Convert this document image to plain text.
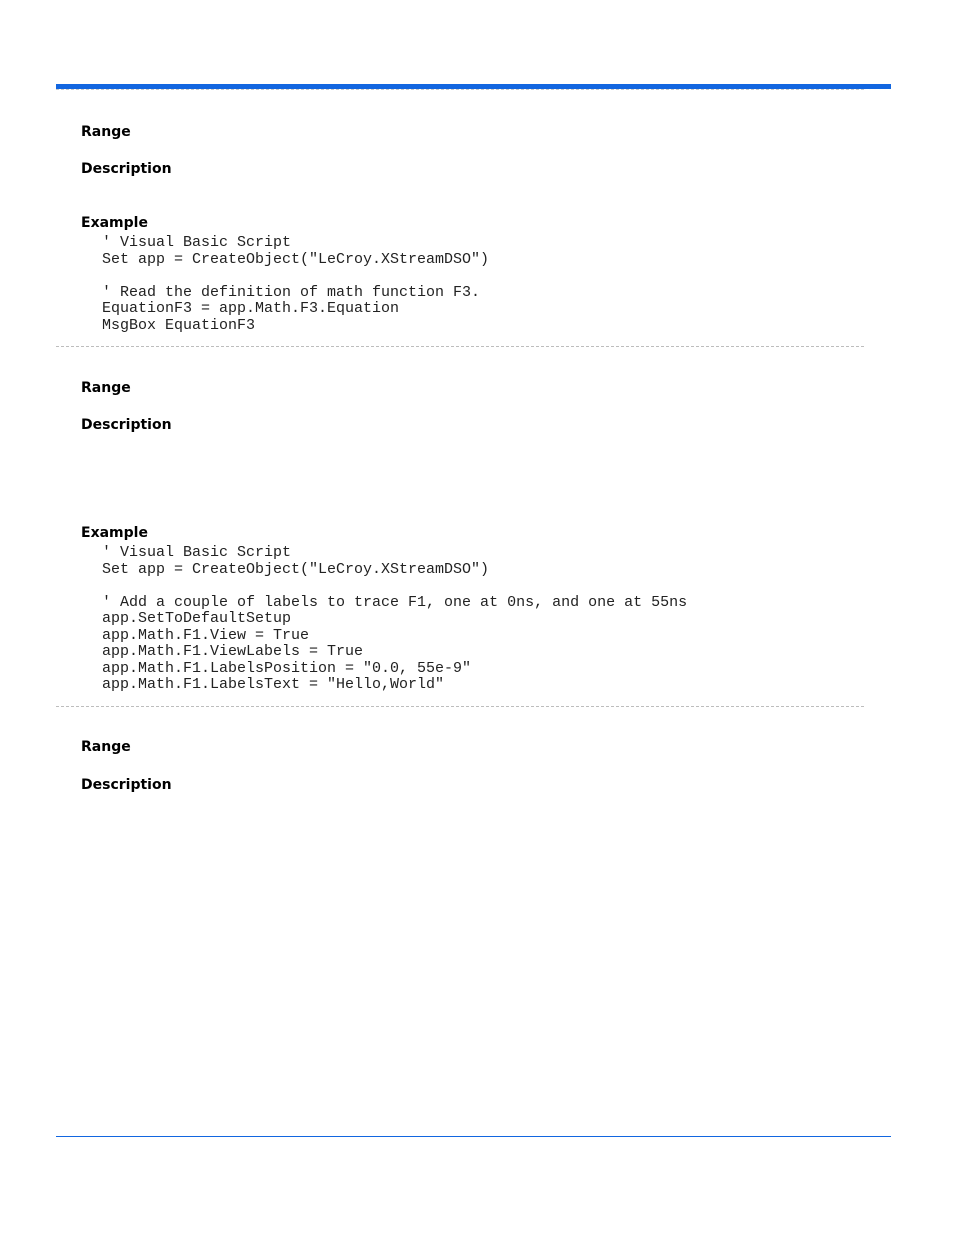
Range
Description
Example
' Visual Basic Script
Set app = CreateObject("LeCroy.XStreamDSO")

' Read the definition of math function F3.
EquationF3 = app.Math.F3.Equation
MsgBox EquationF3
Range
Description
Example
' Visual Basic Script
Set app = CreateObject("LeCroy.XStreamDSO")

' Add a couple of labels to trace F1, one at 0ns, and one at 55ns
app.SetToDefaultSetup
app.Math.F1.View = True
app.Math.F1.ViewLabels = True
app.Math.F1.LabelsPosition = "0.0, 55e-9"
app.Math.F1.LabelsText = "Hello,World"
Range
Description
